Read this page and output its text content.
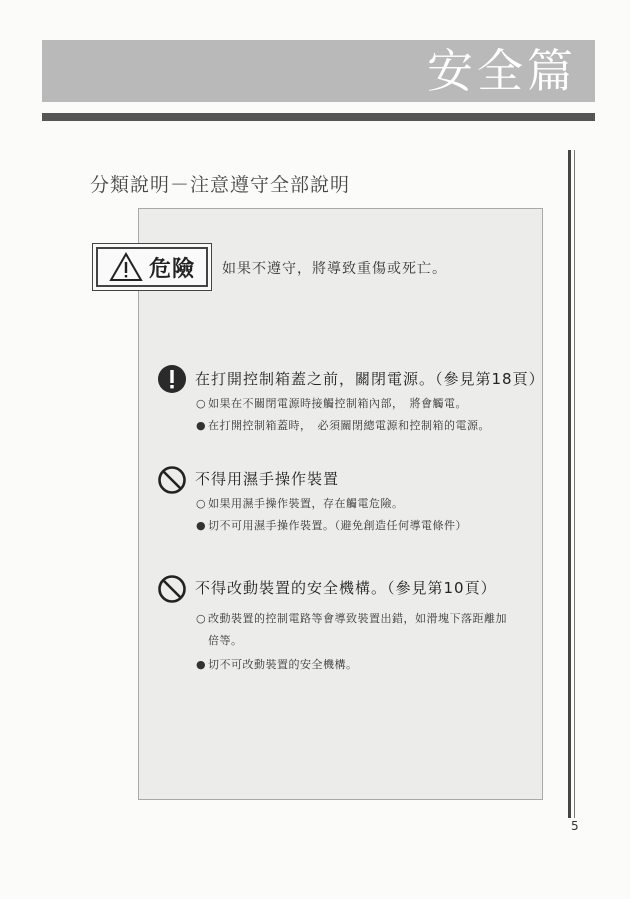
安全篇
分類說明－注意遵守全部說明
危險 如果不遵守，將導致重傷或死亡。
在打開控制箱蓋之前，關閉電源。（參見第18頁）
○ 如果在不關閉電源時接觸控制箱內部，　將會觸電。
● 在打開控制箱蓋時，　必須關閉總電源和控制箱的電源。
不得用濕手操作裝置
○ 如果用濕手操作裝置，存在觸電危險。
● 切不可用濕手操作裝置。（避免創造任何導電條件）
不得改動裝置的安全機構。（參見第10頁）
○ 改動裝置的控制電路等會導致裝置出錯，如滑塊下落距離加
倍等。
● 切不可改動裝置的安全機構。
5
